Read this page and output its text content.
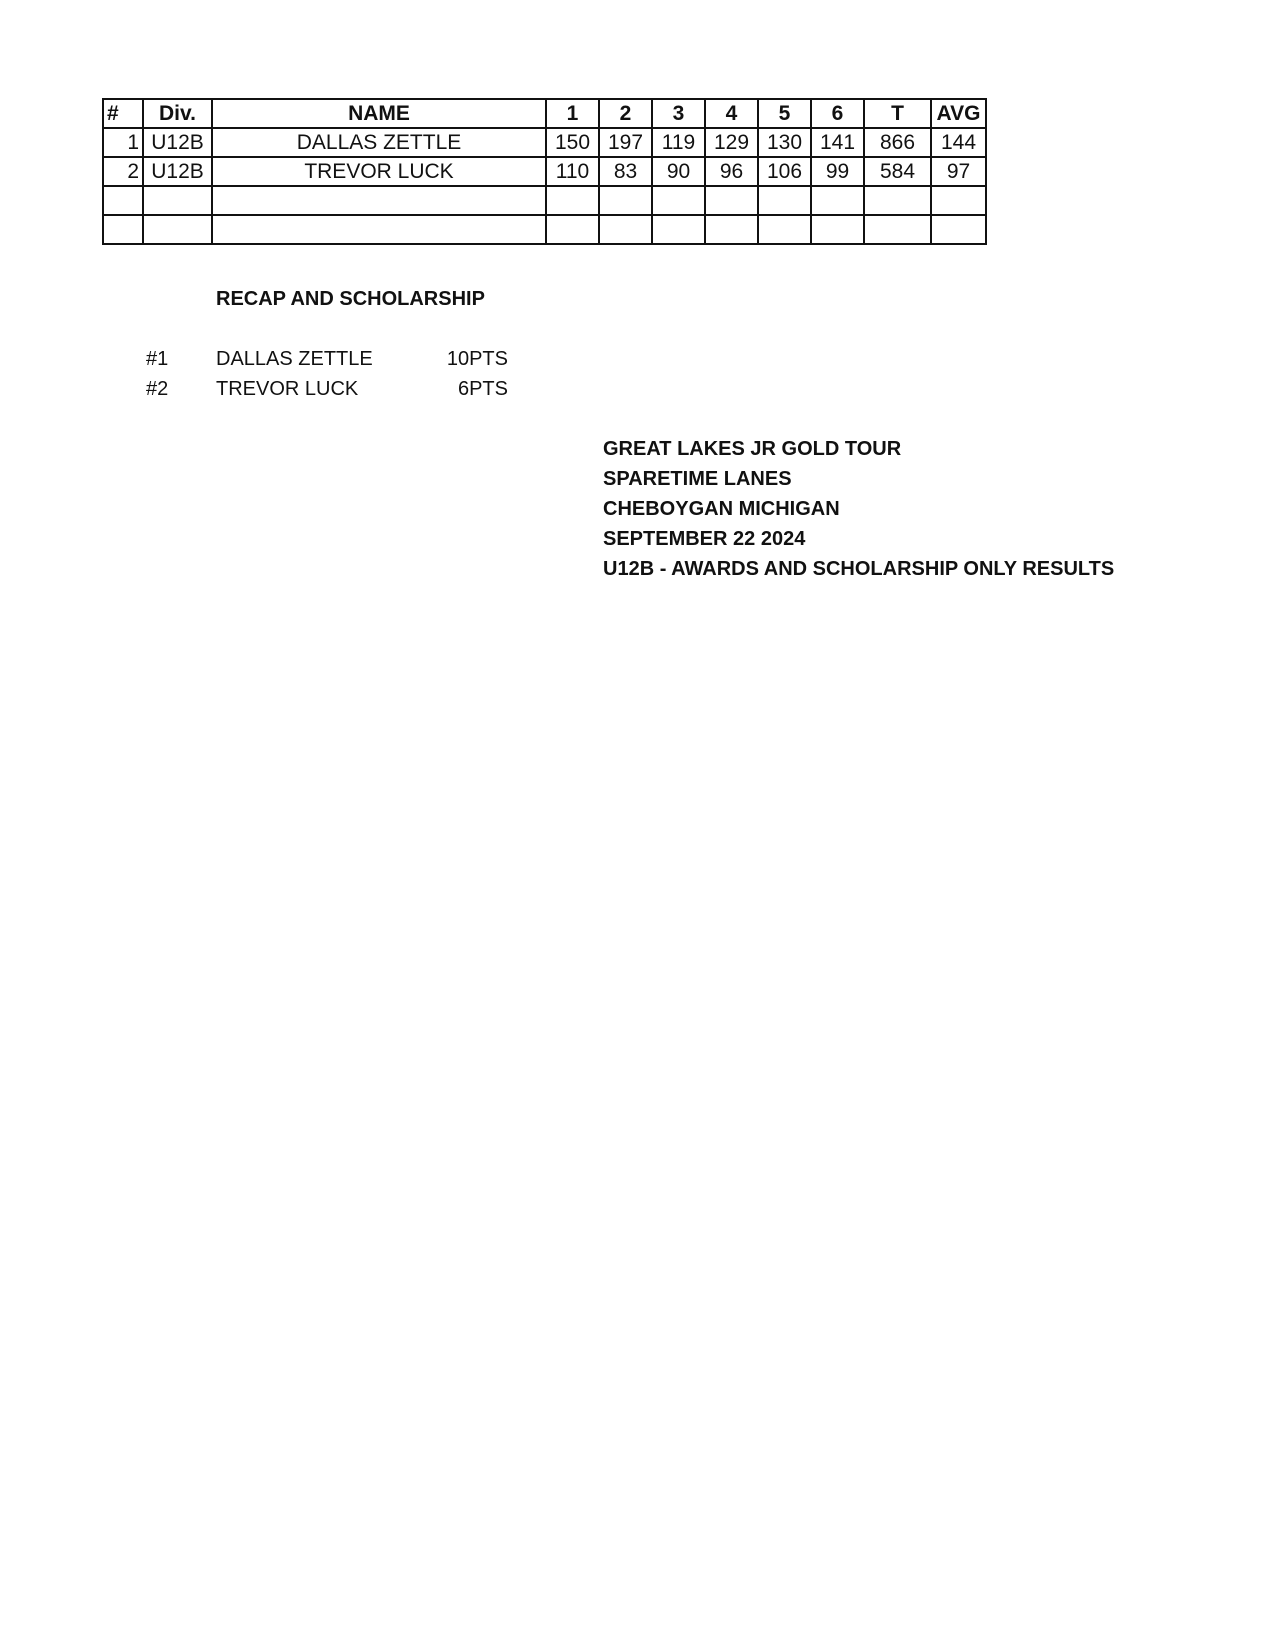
#	Div.	NAME	1	2	3	4	5	6	T	AVG
1	U12B	DALLAS ZETTLE	150	197	119	129	130	141	866	144
2	U12B	TREVOR LUCK	110	83	90	96	106	99	584	97

RECAP AND SCHOLARSHIP
#1	DALLAS ZETTLE	10PTS
#2	TREVOR LUCK	6PTS
GREAT LAKES JR GOLD TOUR
SPARETIME LANES
CHEBOYGAN MICHIGAN
SEPTEMBER 22 2024
U12B - AWARDS AND SCHOLARSHIP ONLY RESULTS
